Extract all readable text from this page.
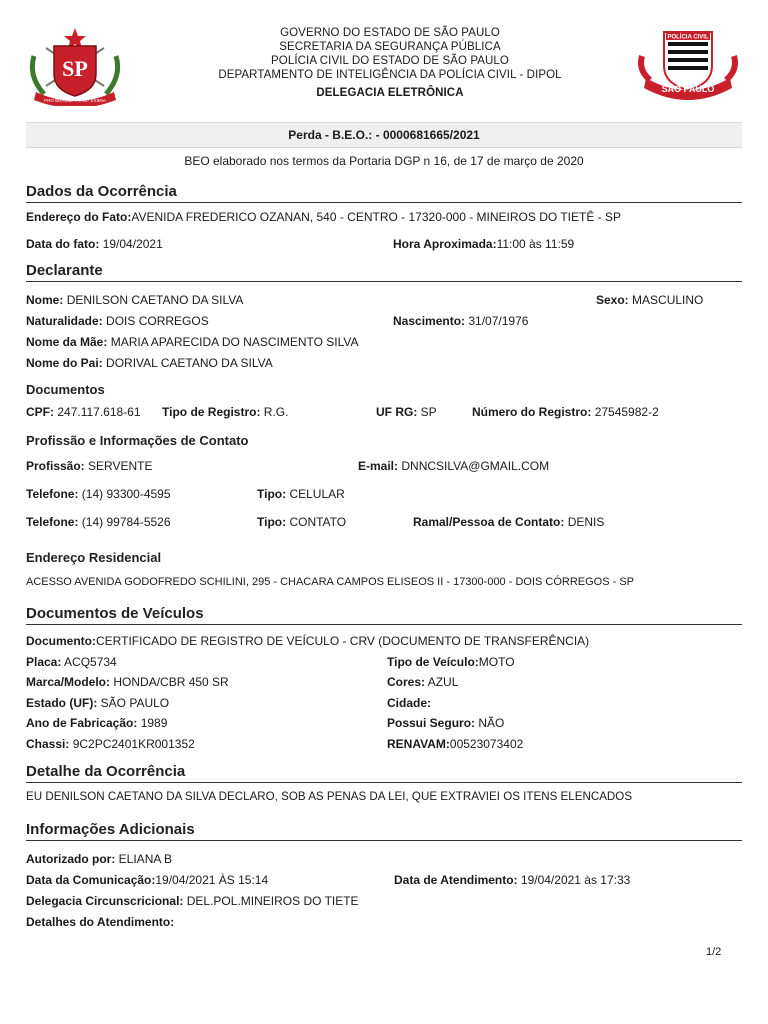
SP
PRO BRASILIA FIANT EXIMIA
GOVERNO DO ESTADO DE SÃO PAULO
SECRETARIA DA SEGURANÇA PÚBLICA
POLÍCIA CIVIL DO ESTADO DE SÃO PAULO
DEPARTAMENTO DE INTELIGÊNCIA DA POLÍCIA CIVIL - DIPOL
DELEGACIA ELETRÔNICA
POLÍCIA CIVIL
SÃO PAULO
Perda - B.E.O.: - 0000681665/2021
BEO elaborado nos termos da Portaria DGP n 16, de 17 de março de 2020
Dados da Ocorrência
Endereço do Fato:AVENIDA FREDERICO OZANAN, 540 - CENTRO - 17320-000 - MINEIROS DO TIETÊ - SP
Data do fato: 19/04/2021	Hora Aproximada:11:00 às 11:59
Declarante
Nome: DENILSON CAETANO DA SILVA	Sexo: MASCULINO
Naturalidade: DOIS CORREGOS	Nascimento: 31/07/1976
Nome da Mãe: MARIA APARECIDA DO NASCIMENTO SILVA
Nome do Pai: DORIVAL CAETANO DA SILVA
Documentos
CPF: 247.117.618-61 Tipo de Registro: R.G.	UF RG: SP	Número do Registro: 27545982-2
Profissão e Informações de Contato
Profissão: SERVENTE	E-mail: DNNCSILVA@GMAIL.COM
Telefone: (14) 93300-4595	Tipo: CELULAR
Telefone: (14) 99784-5526	Tipo: CONTATO	Ramal/Pessoa de Contato: DENIS
Endereço Residencial
ACESSO AVENIDA GODOFREDO SCHILINI, 295 - CHACARA CAMPOS ELISEOS II - 17300-000 - DOIS CÓRREGOS - SP
Documentos de Veículos
Documento:CERTIFICADO DE REGISTRO DE VEÍCULO - CRV (DOCUMENTO DE TRANSFERÊNCIA)
Placa: ACQ5734	Tipo de Veículo:MOTO
Marca/Modelo: HONDA/CBR 450 SR	Cores: AZUL
Estado (UF): SÃO PAULO	Cidade:
Ano de Fabricação: 1989	Possui Seguro: NÃO
Chassi: 9C2PC2401KR001352	RENAVAM:00523073402
Detalhe da Ocorrência
EU DENILSON CAETANO DA SILVA DECLARO, SOB AS PENAS DA LEI, QUE EXTRAVIEI OS ITENS ELENCADOS
Informações Adicionais
Autorizado por: ELIANA B
Data da Comunicação:19/04/2021 ÀS 15:14	Data de Atendimento: 19/04/2021 às 17:33
Delegacia Circunscricional: DEL.POL.MINEIROS DO TIETE
Detalhes do Atendimento:
1/2
